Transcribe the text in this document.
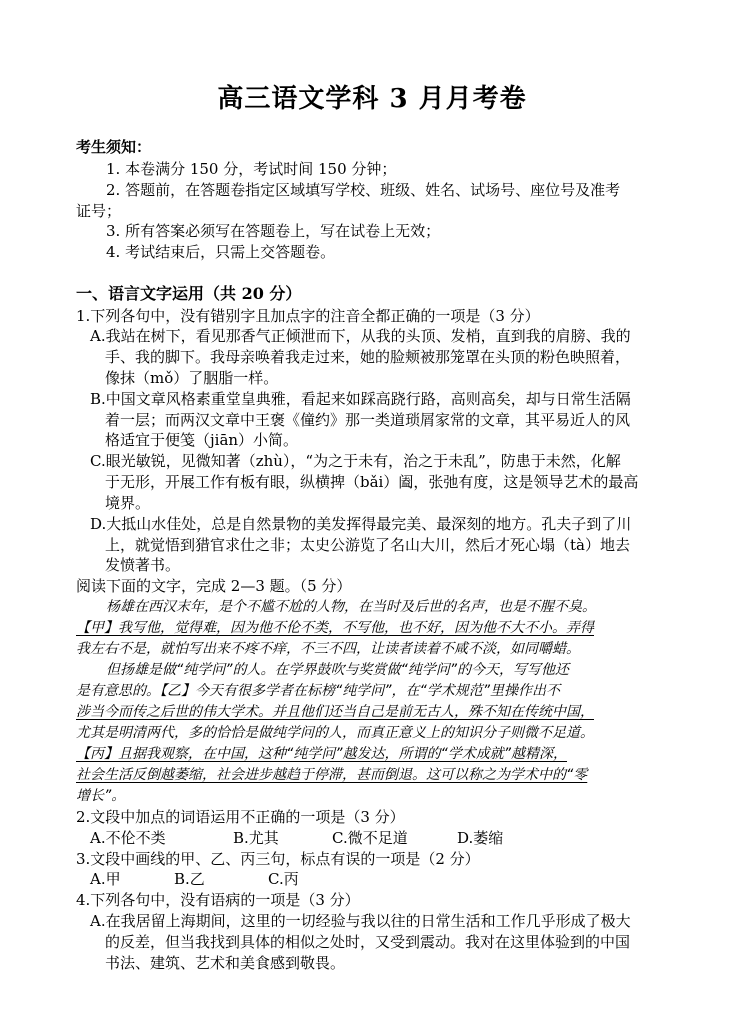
高三语文学科 3 月月考卷
考生须知：
1. 本卷满分 150 分，考试时间 150 分钟；
2. 答题前，在答题卷指定区域填写学校、班级、姓名、试场号、座位号及准考
证号；
3. 所有答案必须写在答题卷上，写在试卷上无效；
4. 考试结束后，只需上交答题卷。
一、语言文字运用（共 20 分）
1.下列各句中，没有错别字且加点字的注音全都正确的一项是（3 分）
A.我站在树下，看见那香气正倾泄而下，从我的头顶、发梢，直到我的肩膀、我的
手、我的脚下。我母亲唤着我走过来，她的脸颊被那笼罩在头顶的粉色映照着，
像抹（mǒ）了胭脂一样。
B.中国文章风格素重堂皇典雅，看起来如踩高跷行路，高则高矣，却与日常生活隔
着一层；而两汉文章中王褒《僮约》那一类道琐屑家常的文章，其平易近人的风
格适宜于便笺（jiān）小简。
C.眼光敏锐，见微知著（zhù），“为之于未有，治之于未乱”，防患于未然，化解
于无形，开展工作有板有眼，纵横捭（bǎi）阖，张弛有度，这是领导艺术的最高
境界。
D.大抵山水佳处，总是自然景物的美发挥得最完美、最深刻的地方。孔夫子到了川
上，就觉悟到猎官求仕之非；太史公游览了名山大川，然后才死心塌（tà）地去
发愤著书。
阅读下面的文字，完成 2—3 题。（5 分）
杨雄在西汉末年，是个不尴不尬的人物，在当时及后世的名声，也是不腥不臭。
【甲】我写他，觉得难，因为他不伦不类，不写他，也不好，因为他不大不小。弄得
我左右不是，就怕写出来不疼不痒，不三不四，让读者读着不咸不淡，如同嚼蜡。
但扬雄是做“纯学问”的人。在学界鼓吹与奖赏做“纯学问”的今天，写写他还
是有意思的。【乙】今天有很多学者在标榜“纯学问”，在“学术规范”里操作出不
涉当今而传之后世的伟大学术。并且他们还当自己是前无古人，殊不知在传统中国，
尤其是明清两代，多的恰恰是做纯学问的人，而真正意义上的知识分子则微不足道。
【丙】且据我观察，在中国，这种“纯学问”越发达，所谓的“学术成就”越精深，
社会生活反倒越萎缩，社会进步越趋于停滞，甚而倒退。这可以称之为学术中的“零
增长”。
2.文段中加点的词语运用不正确的一项是（3 分）
A.不伦不类	B.尤其	C.微不足道	D.萎缩
3.文段中画线的甲、乙、丙三句，标点有误的一项是（2 分）
A.甲	B.乙	C.丙
4.下列各句中，没有语病的一项是（3 分）
A.在我居留上海期间，这里的一切经验与我以往的日常生活和工作几乎形成了极大
的反差，但当我找到具体的相似之处时，又受到震动。我对在这里体验到的中国
书法、建筑、艺术和美食感到敬畏。
